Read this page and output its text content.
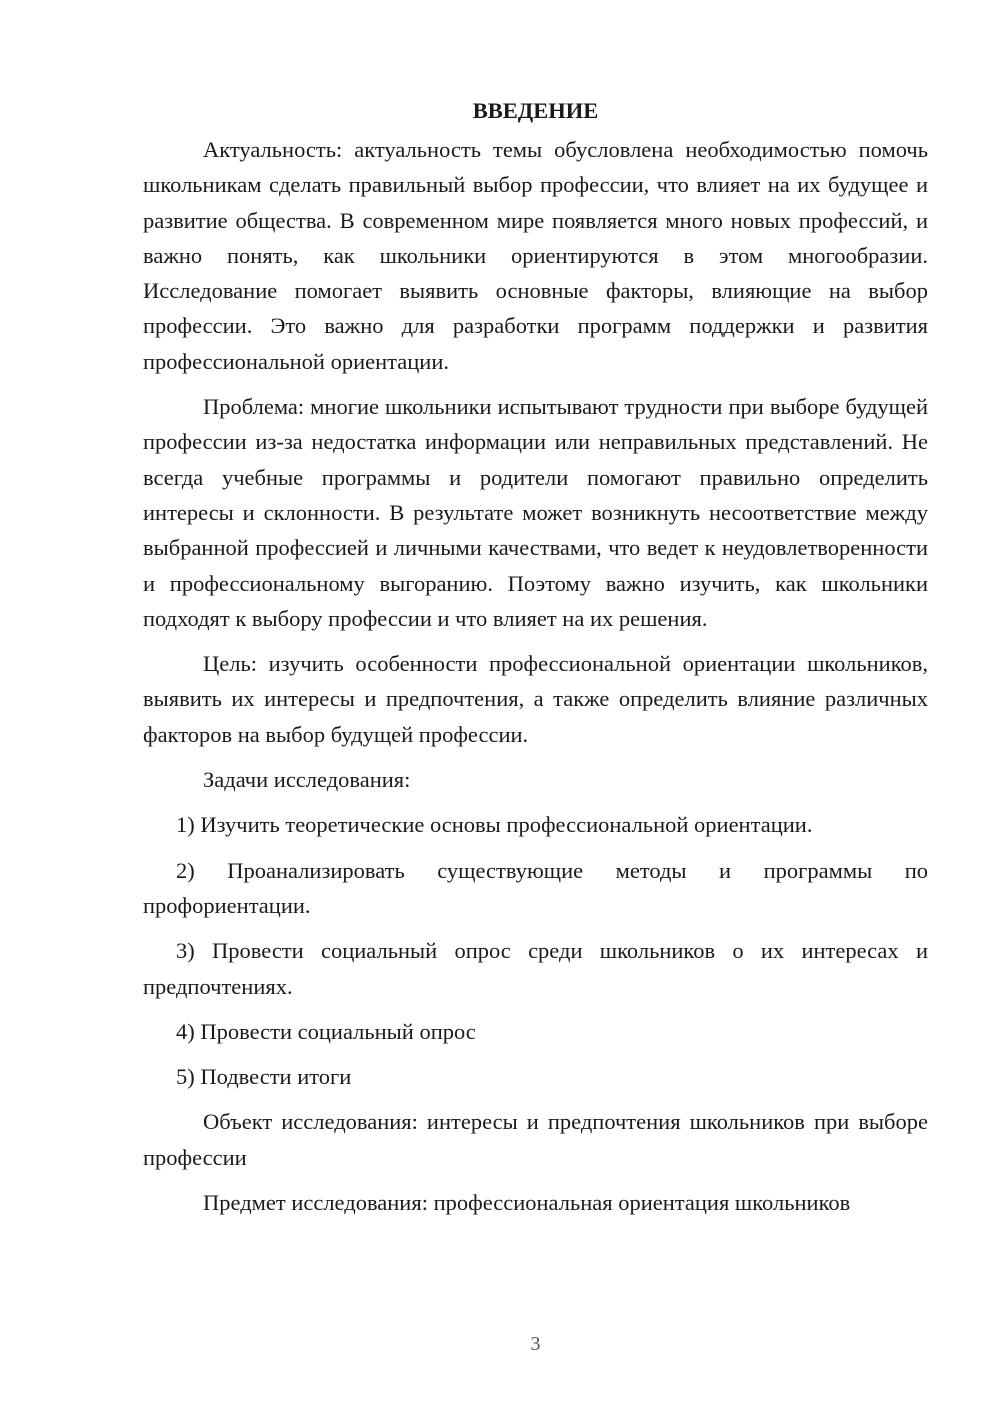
ВВЕДЕНИЕ

Актуальность: актуальность темы обусловлена необходимостью помочь школьникам сделать правильный выбор профессии, что влияет на их будущее и развитие общества. В современном мире появляется много новых профессий, и важно понять, как школьники ориентируются в этом многообразии. Исследование помогает выявить основные факторы, влияющие на выбор профессии. Это важно для разработки программ поддержки и развития профессиональной ориентации.

Проблема: многие школьники испытывают трудности при выборе будущей профессии из-за недостатка информации или неправильных представлений. Не всегда учебные программы и родители помогают правильно определить интересы и склонности. В результате может возникнуть несоответствие между выбранной профессией и личными качествами, что ведет к неудовлетворенности и профессиональному выгоранию. Поэтому важно изучить, как школьники подходят к выбору профессии и что влияет на их решения.

Цель: изучить особенности профессиональной ориентации школьников, выявить их интересы и предпочтения, а также определить влияние различных факторов на выбор будущей профессии.

Задачи исследования:

1) Изучить теоретические основы профессиональной ориентации.

2) Проанализировать существующие методы и программы по профориентации.

3) Провести социальный опрос среди школьников о их интересах и предпочтениях.

4) Провести социальный опрос

5) Подвести итоги

Объект исследования: интересы и предпочтения школьников при выборе профессии

Предмет исследования: профессиональная ориентация школьников

3
